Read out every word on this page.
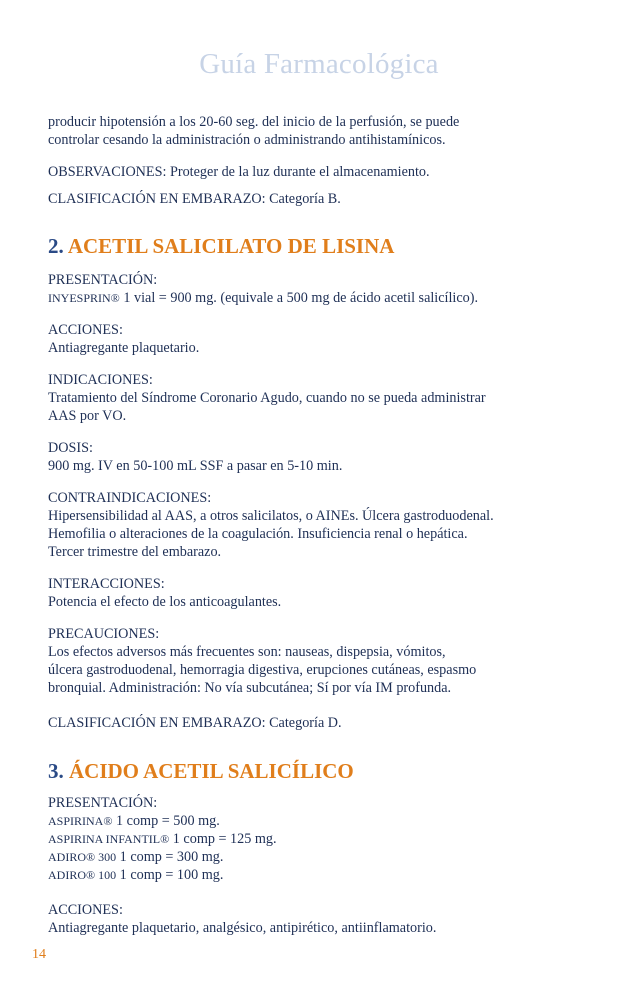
Guía Farmacológica

producir hipotensión a los 20-60 seg. del inicio de la perfusión, se puede

controlar cesando la administración o administrando antihistamínicos.

OBSERVACIONES: Proteger de la luz durante el almacenamiento.

CLASIFICACIÓN EN EMBARAZO: Categoría B.

2. ACETIL SALICILATO DE LISINA

PRESENTACIÓN:

INYESPRIN® 1 vial = 900 mg. (equivale a 500 mg de ácido acetil salicílico).

ACCIONES:

Antiagregante plaquetario.

INDICACIONES:

Tratamiento del Síndrome Coronario Agudo, cuando no se pueda administrar

AAS por VO.

DOSIS:

900 mg. IV en 50-100 mL SSF a pasar en 5-10 min.

CONTRAINDICACIONES:

Hipersensibilidad al AAS, a otros salicilatos, o AINEs. Úlcera gastroduodenal.

Hemofilia o alteraciones de la coagulación. Insuficiencia renal o hepática.

Tercer trimestre del embarazo.

INTERACCIONES:

Potencia el efecto de los anticoagulantes.

PRECAUCIONES:

Los efectos adversos más frecuentes son: nauseas, dispepsia, vómitos,

úlcera gastroduodenal, hemorragia digestiva, erupciones cutáneas, espasmo

bronquial. Administración: No vía subcutánea; Sí por vía IM profunda.

CLASIFICACIÓN EN EMBARAZO: Categoría D.

3. ÁCIDO ACETIL SALICÍLICO

PRESENTACIÓN:

ASPIRINA® 1 comp = 500 mg.

ASPIRINA INFANTIL® 1 comp = 125 mg.

ADIRO® 300 1 comp = 300 mg.

ADIRO® 100 1 comp = 100 mg.

ACCIONES:

Antiagregante plaquetario, analgésico, antipirético, antiinflamatorio.

14
